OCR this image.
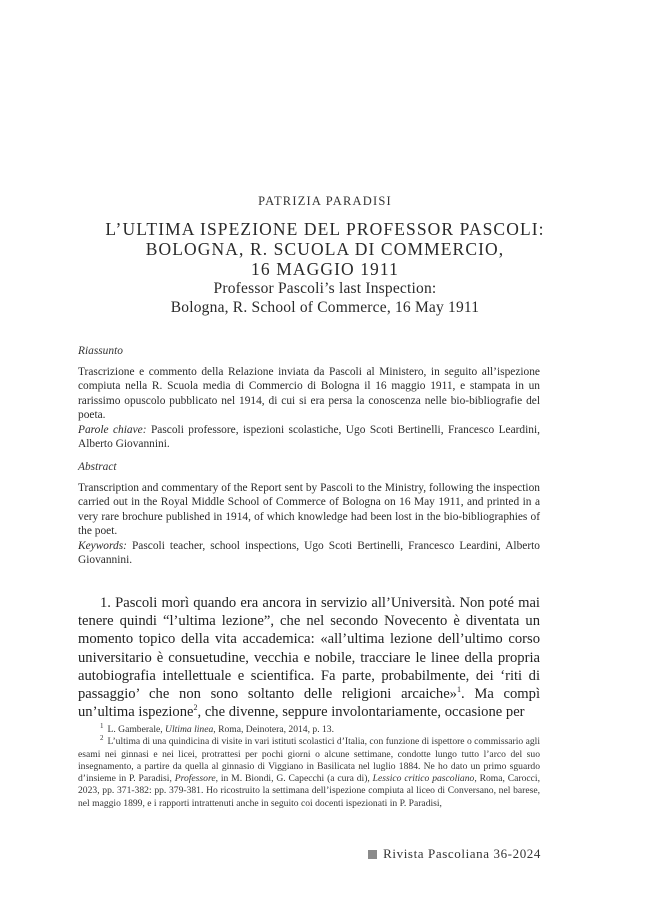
PATRIZIA PARADISI
L’ULTIMA ISPEZIONE DEL PROFESSOR PASCOLI:
BOLOGNA, R. SCUOLA DI COMMERCIO,
16 MAGGIO 1911
Professor Pascoli’s last Inspection:
Bologna, R. School of Commerce, 16 May 1911
Riassunto
Trascrizione e commento della Relazione inviata da Pascoli al Ministero, in seguito all’ispezione compiuta nella R. Scuola media di Commercio di Bologna il 16 maggio 1911, e stampata in un rarissimo opuscolo pubblicato nel 1914, di cui si era persa la conoscenza nelle bio-bibliografie del poeta.
Parole chiave: Pascoli professore, ispezioni scolastiche, Ugo Scoti Bertinelli, Francesco Leardini, Alberto Giovannini.
Abstract
Transcription and commentary of the Report sent by Pascoli to the Ministry, following the inspection carried out in the Royal Middle School of Commerce of Bologna on 16 May 1911, and printed in a very rare brochure published in 1914, of which knowledge had been lost in the bio-bibliographies of the poet.
Keywords: Pascoli teacher, school inspections, Ugo Scoti Bertinelli, Francesco Leardini, Alberto Giovannini.
1. Pascoli morì quando era ancora in servizio all’Università. Non poté mai tenere quindi “l’ultima lezione”, che nel secondo Novecento è diventata un momento topico della vita accademica: «all’ultima lezione dell’ultimo corso universitario è consuetudine, vecchia e nobile, tracciare le linee della propria autobiografia intellettuale e scientifica. Fa parte, probabilmente, dei ‘riti di passaggio’ che non sono soltanto delle religioni arcaiche»$^1$. Ma compì un’ultima ispezione$^2$, che divenne, seppure involontariamente, occasione per
$^1$ L. Gamberale, Ultima linea, Roma, Deinotera, 2014, p. 13.
$^2$ L’ultima di una quindicina di visite in vari istituti scolastici d’Italia, con funzione di ispettore o commissario agli esami nei ginnasi e nei licei, protrattesi per pochi giorni o alcune settimane, condotte lungo tutto l’arco del suo insegnamento, a partire da quella al ginnasio di Viggiano in Basilicata nel luglio 1884. Ne ho dato un primo sguardo d’insieme in P. Paradisi, Professore, in M. Biondi, G. Capecchi (a cura di), Lessico critico pascoliano, Roma, Carocci, 2023, pp. 371-382: pp. 379-381. Ho ricostruito la settimana dell’ispezione compiuta al liceo di Conversano, nel barese, nel maggio 1899, e i rapporti intrattenuti anche in seguito coi docenti ispezionati in P. Paradisi,
Rivista Pascoliana 36-2024
